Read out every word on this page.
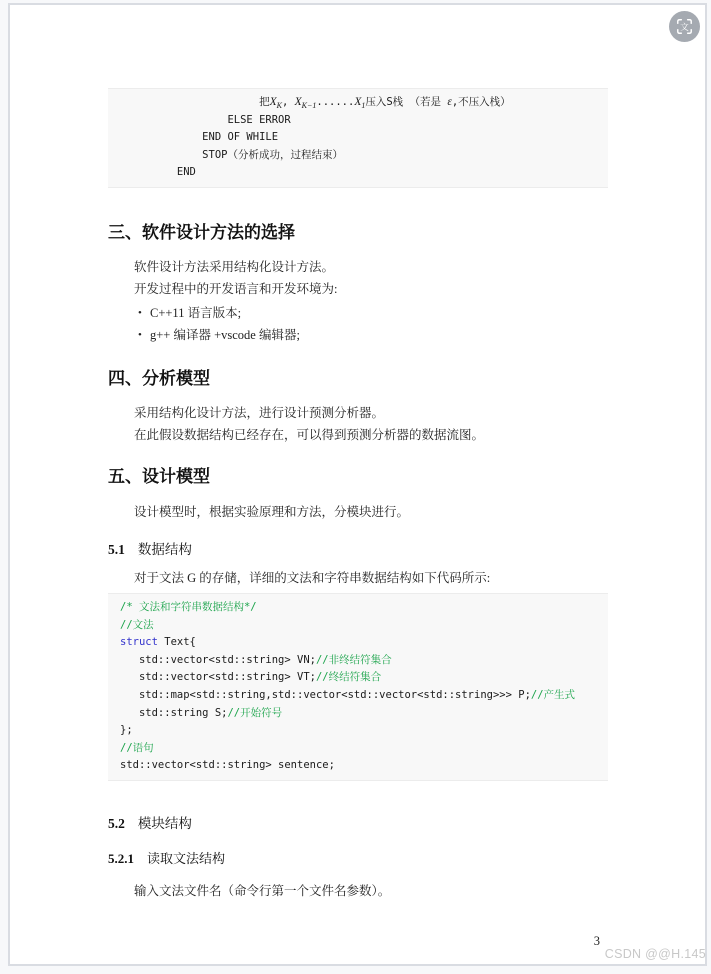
把$X_K$, $X_{K-1}......X_1$压入S栈 （若是 ε,不压入栈）
ELSE ERROR
END OF WHILE
STOP（分析成功，过程结束）
END
三、软件设计方法的选择

软件设计方法采用结构化设计方法。

开发过程中的开发语言和开发环境为:

• C++11 语言版本;
• g++ 编译器 +vscode 编辑器;
四、分析模型

采用结构化设计方法，进行设计预测分析器。

在此假设数据结构已经存在，可以得到预测分析器的数据流图。

五、设计模型

设计模型时，根据实验原理和方法，分模块进行。

5.1 数据结构

对于文法 G 的存储，详细的文法和字符串数据结构如下代码所示:

/* 文法和字符串数据结构*/
//文法
struct Text{
std::vector<std::string> VN;//非终结符集合
std::vector<std::string> VT;//终结符集合
std::map<std::string,std::vector<std::vector<std::string>>> P;//产生式
std::string S;//开始符号
};
//语句
std::vector<std::string> sentence;
5.2 模块结构
5.2.1 读取文法结构

输入文法文件名（命令行第一个文件名参数）。

3
文
CSDN @@H.145
